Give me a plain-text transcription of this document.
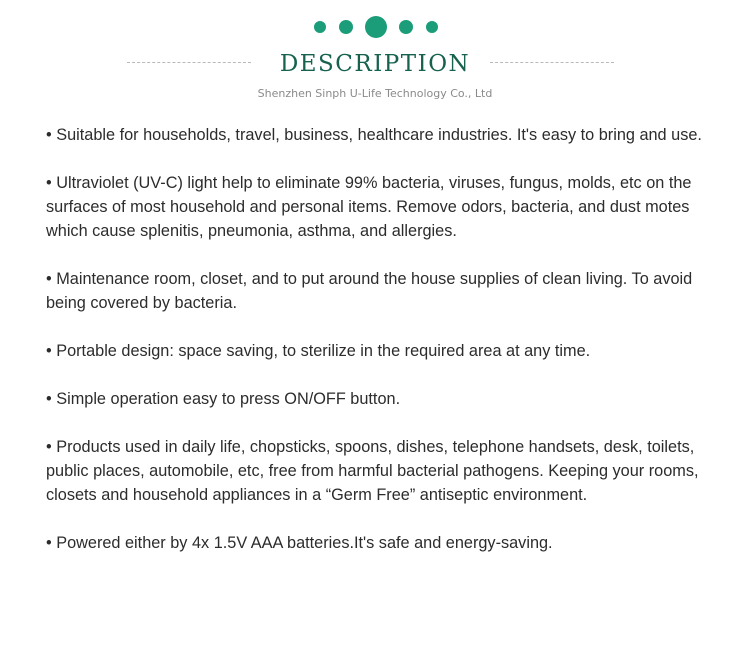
DESCRIPTION
Shenzhen Sinph U-Life Technology Co., Ltd
• Suitable for households, travel, business, healthcare industries. It's easy to bring and use.
• Ultraviolet (UV-C) light help to eliminate 99% bacteria, viruses, fungus, molds, etc on the surfaces of most household and personal items. Remove odors, bacteria, and dust motes which cause splenitis, pneumonia, asthma, and allergies.
• Maintenance room, closet, and to put around the house supplies of clean living. To avoid being covered by bacteria.
• Portable design: space saving, to sterilize in the required area at any time.
• Simple operation easy to press ON/OFF button.
• Products used in daily life, chopsticks, spoons, dishes, telephone handsets, desk, toilets, public places, automobile, etc, free from harmful bacterial pathogens. Keeping your rooms, closets and household appliances in a “Germ Free” antiseptic environment.
• Powered either by 4x 1.5V AAA batteries.It's safe and energy-saving.
